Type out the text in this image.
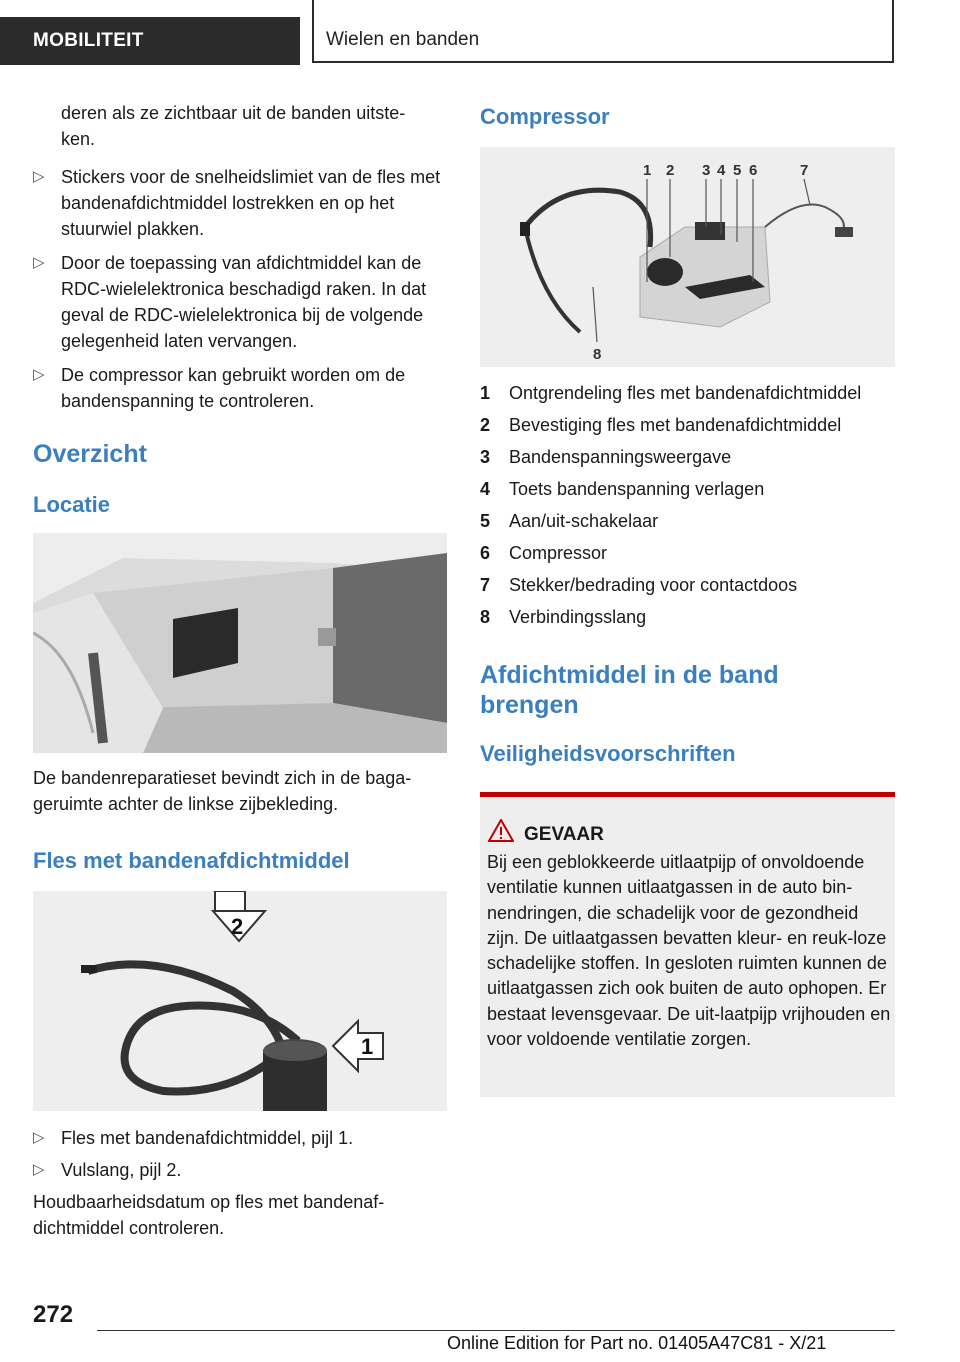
MOBILITEIT	Wielen en banden

deren als ze zichtbaar uit de banden uitste-
ken.

▷ Stickers voor de snelheidslimiet van de fles met bandenafdichtmiddel lostrekken en op het stuurwiel plakken.

▷ Door de toepassing van afdichtmiddel kan de RDC-wielelektronica beschadigd raken. In dat geval de RDC-wielelektronica bij de volgende gelegenheid laten vervangen.

▷ De compressor kan gebruikt worden om de bandenspanning te controleren.

Overzicht

Locatie

De bandenreparatieset bevindt zich in de baga-
geruimte achter de linkse zijbekleding.

Fles met bandenafdichtmiddel

2
1

▷ Fles met bandenafdichtmiddel, pijl 1.

▷ Vulslang, pijl 2.

Houdbaarheidsdatum op fles met bandenaf-
dichtmiddel controleren.

Compressor

1 2 3 4 5 6	7
8
1	Ontgrendeling fles met bandenafdichtmiddel
2	Bevestiging fles met bandenafdichtmiddel
3	Bandenspanningsweergave
4	Toets bandenspanning verlagen
5	Aan/uit-schakelaar
6	Compressor
7	Stekker/bedrading voor contactdoos
8	Verbindingsslang

Afdichtmiddel in de band brengen

Veiligheidsvoorschriften

GEVAAR
Bij een geblokkeerde uitlaatpijp of onvoldoende ventilatie kunnen uitlaatgassen in de auto bin-nendringen, die schadelijk voor de gezondheid zijn. De uitlaatgassen bevatten kleur- en reuk-loze schadelijke stoffen. In gesloten ruimten kunnen de uitlaatgassen zich ook buiten de auto ophopen. Er bestaat levensgevaar. De uit-laatpijp vrijhouden en voor voldoende ventilatie zorgen.
272
Online Edition for Part no. 01405A47C81 - X/21
